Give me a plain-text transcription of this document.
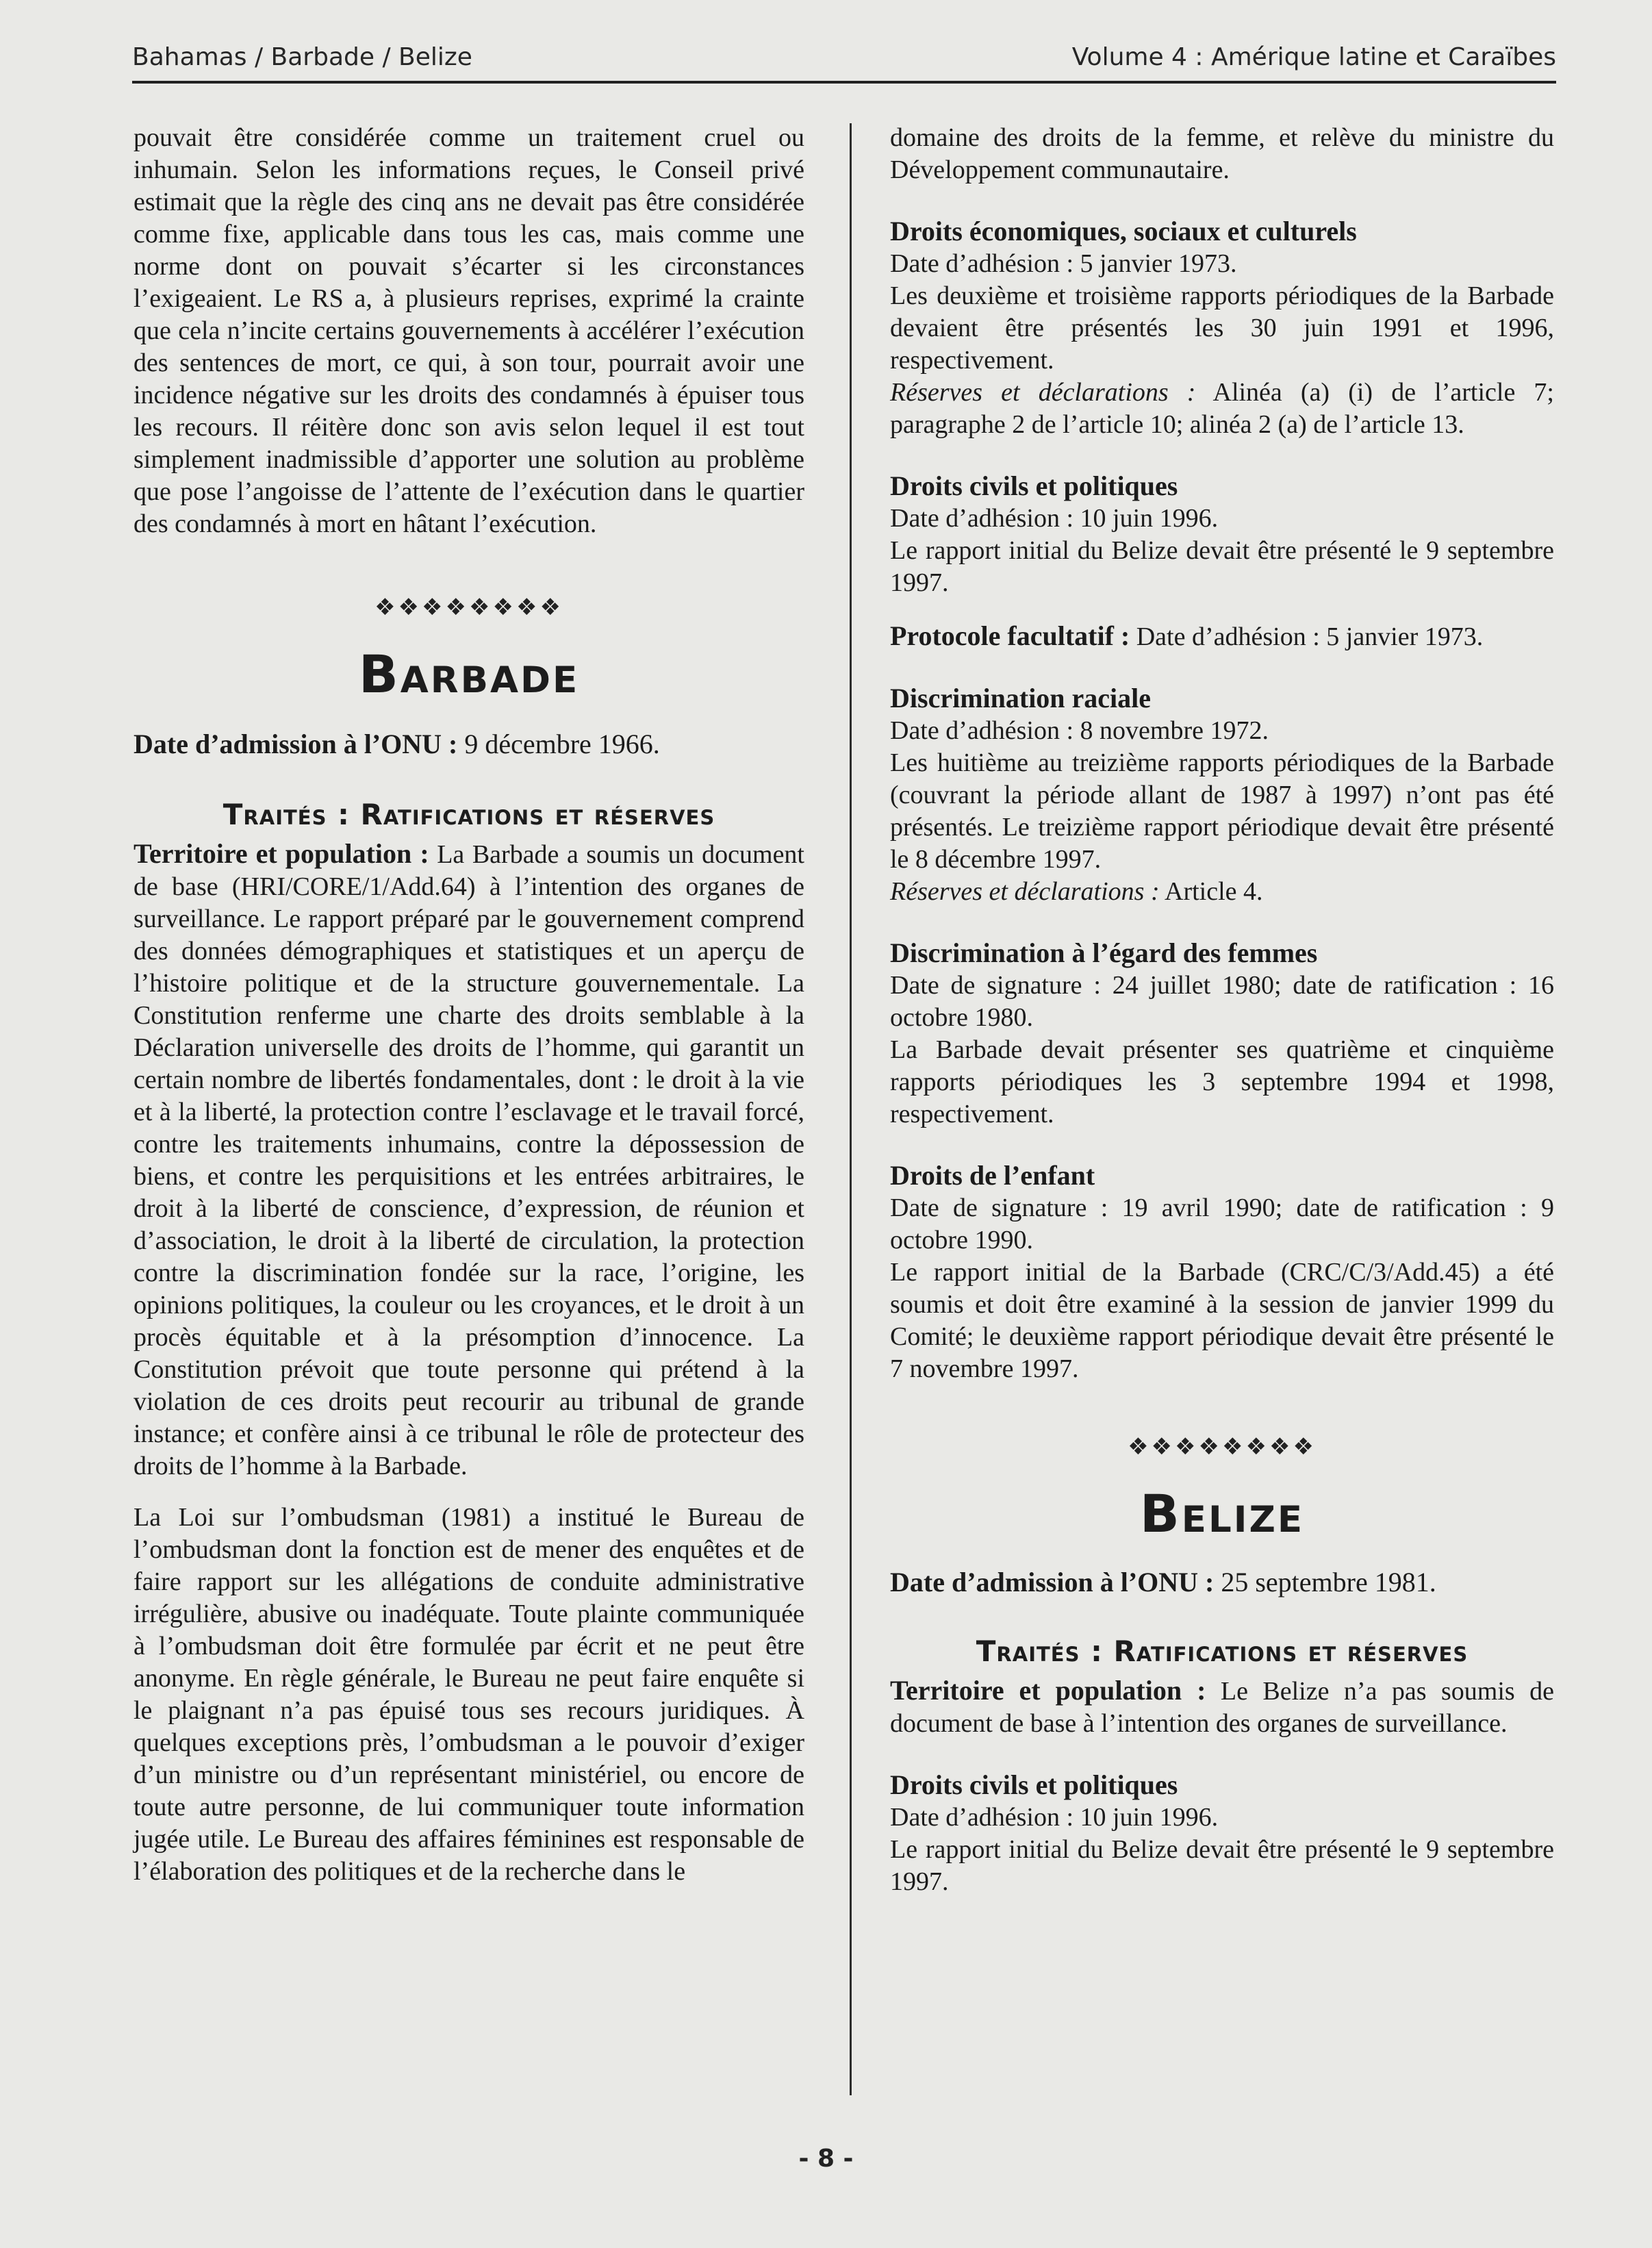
Bahamas / Barbade / Belize	Volume 4 : Amérique latine et Caraïbes

pouvait être considérée comme un traitement cruel ou inhumain. Selon les informations reçues, le Conseil privé estimait que la règle des cinq ans ne devait pas être considérée comme fixe, applicable dans tous les cas, mais comme une norme dont on pouvait s’écarter si les circonstances l’exigeaient. Le RS a, à plusieurs reprises, exprimé la crainte que cela n’incite certains gouvernements à accélérer l’exécution des sentences de mort, ce qui, à son tour, pourrait avoir une incidence négative sur les droits des condamnés à épuiser tous les recours. Il réitère donc son avis selon lequel il est tout simplement inadmissible d’apporter une solution au problème que pose l’angoisse de l’attente de l’exécution dans le quartier des condamnés à mort en hâtant l’exécution.

❖❖❖❖❖❖❖❖
Barbade

Date d’admission à l’ONU : 9 décembre 1966.

Traités : Ratifications et réserves

Territoire et population : La Barbade a soumis un document de base (HRI/CORE/1/Add.64) à l’intention des organes de surveillance. Le rapport préparé par le gouvernement comprend des données démographiques et statistiques et un aperçu de l’histoire politique et de la structure gouvernementale. La Constitution renferme une charte des droits semblable à la Déclaration universelle des droits de l’homme, qui garantit un certain nombre de libertés fondamentales, dont : le droit à la vie et à la liberté, la protection contre l’esclavage et le travail forcé, contre les traitements inhumains, contre la dépossession de biens, et contre les perquisitions et les entrées arbitraires, le droit à la liberté de conscience, d’expression, de réunion et d’association, le droit à la liberté de circulation, la protection contre la discrimination fondée sur la race, l’origine, les opinions politiques, la couleur ou les croyances, et le droit à un procès équitable et à la présomption d’innocence. La Constitution prévoit que toute personne qui prétend à la violation de ces droits peut recourir au tribunal de grande instance; et confère ainsi à ce tribunal le rôle de protecteur des droits de l’homme à la Barbade.

La Loi sur l’ombudsman (1981) a institué le Bureau de l’ombudsman dont la fonction est de mener des enquêtes et de faire rapport sur les allégations de conduite administrative irrégulière, abusive ou inadéquate. Toute plainte communiquée à l’ombudsman doit être formulée par écrit et ne peut être anonyme. En règle générale, le Bureau ne peut faire enquête si le plaignant n’a pas épuisé tous ses recours juridiques. À quelques exceptions près, l’ombudsman a le pouvoir d’exiger d’un ministre ou d’un représentant ministériel, ou encore de toute autre personne, de lui communiquer toute information jugée utile. Le Bureau des affaires féminines est responsable de l’élaboration des politiques et de la recherche dans le

domaine des droits de la femme, et relève du ministre du Développement communautaire.

Droits économiques, sociaux et culturels

Date d’adhésion : 5 janvier 1973.

Les deuxième et troisième rapports périodiques de la Barbade devaient être présentés les 30 juin 1991 et 1996, respectivement.

Réserves et déclarations : Alinéa (a) (i) de l’article 7; paragraphe 2 de l’article 10; alinéa 2 (a) de l’article 13.

Droits civils et politiques

Date d’adhésion : 10 juin 1996.

Le rapport initial du Belize devait être présenté le 9 septembre 1997.

Protocole facultatif : Date d’adhésion : 5 janvier 1973.

Discrimination raciale

Date d’adhésion : 8 novembre 1972.

Les huitième au treizième rapports périodiques de la Barbade (couvrant la période allant de 1987 à 1997) n’ont pas été présentés. Le treizième rapport périodique devait être présenté le 8 décembre 1997.

Réserves et déclarations : Article 4.

Discrimination à l’égard des femmes

Date de signature : 24 juillet 1980; date de ratification : 16 octobre 1980.

La Barbade devait présenter ses quatrième et cinquième rapports périodiques les 3 septembre 1994 et 1998, respectivement.

Droits de l’enfant

Date de signature : 19 avril 1990; date de ratification : 9 octobre 1990.

Le rapport initial de la Barbade (CRC/C/3/Add.45) a été soumis et doit être examiné à la session de janvier 1999 du Comité; le deuxième rapport périodique devait être présenté le 7 novembre 1997.

❖❖❖❖❖❖❖❖
Belize

Date d’admission à l’ONU : 25 septembre 1981.

Traités : Ratifications et réserves

Territoire et population : Le Belize n’a pas soumis de document de base à l’intention des organes de surveillance.

Droits civils et politiques

Date d’adhésion : 10 juin 1996.

Le rapport initial du Belize devait être présenté le 9 septembre 1997.

- 8 -
